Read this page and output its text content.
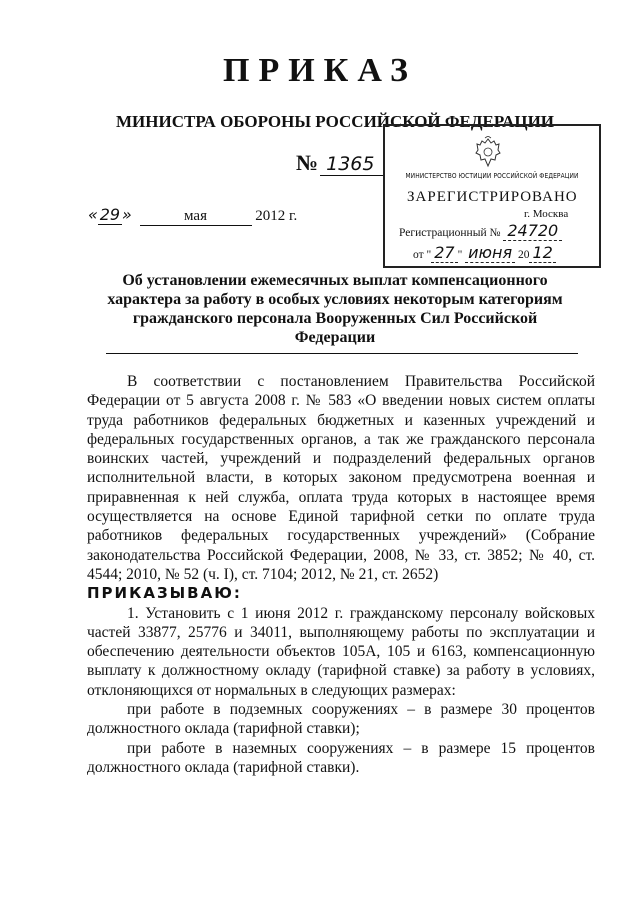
ПРИКАЗ
МИНИСТРА ОБОРОНЫ РОССИЙСКОЙ ФЕДЕРАЦИИ
№ 1365
« 29 »	мая	2012 г.
МИНИСТЕРСТВО ЮСТИЦИИ РОССИЙСКОЙ ФЕДЕРАЦИИ
ЗАРЕГИСТРИРОВАНО
г. Москва
Регистрационный № 24720
от " 27 " июня 20 12
Об установлении ежемесячных выплат компенсационного характера за работу в особых условиях некоторым категориям гражданского персонала Вооруженных Сил Российской Федерации

В соответствии с постановлением Правительства Российской Федерации от 5 августа 2008 г. № 583 «О введении новых систем оплаты труда работников федеральных бюджетных и казенных учреждений и федеральных государственных органов, а так же гражданского персонала воинских частей, учреждений и подразделений федеральных органов исполнительной власти, в которых законом предусмотрена военная и приравненная к ней служба, оплата труда которых в настоящее время осуществляется на основе Единой тарифной сетки по оплате труда работников федеральных государственных учреждений» (Собрание законодательства Российской Федерации, 2008, № 33, ст. 3852; № 40, ст. 4544; 2010, № 52 (ч. I), ст. 7104; 2012, № 21, ст. 2652)

ПРИКАЗЫВАЮ:

1. Установить с 1 июня 2012 г. гражданскому персоналу войсковых частей 33877, 25776 и 34011, выполняющему работы по эксплуатации и обеспечению деятельности объектов 105А, 105 и 6163, компенсационную выплату к должностному окладу (тарифной ставке) за работу в условиях, отклоняющихся от нормальных в следующих размерах:

при работе в подземных сооружениях – в размере 30 процентов должностного оклада (тарифной ставки);

при работе в наземных сооружениях – в размере 15 процентов должностного оклада (тарифной ставки).
